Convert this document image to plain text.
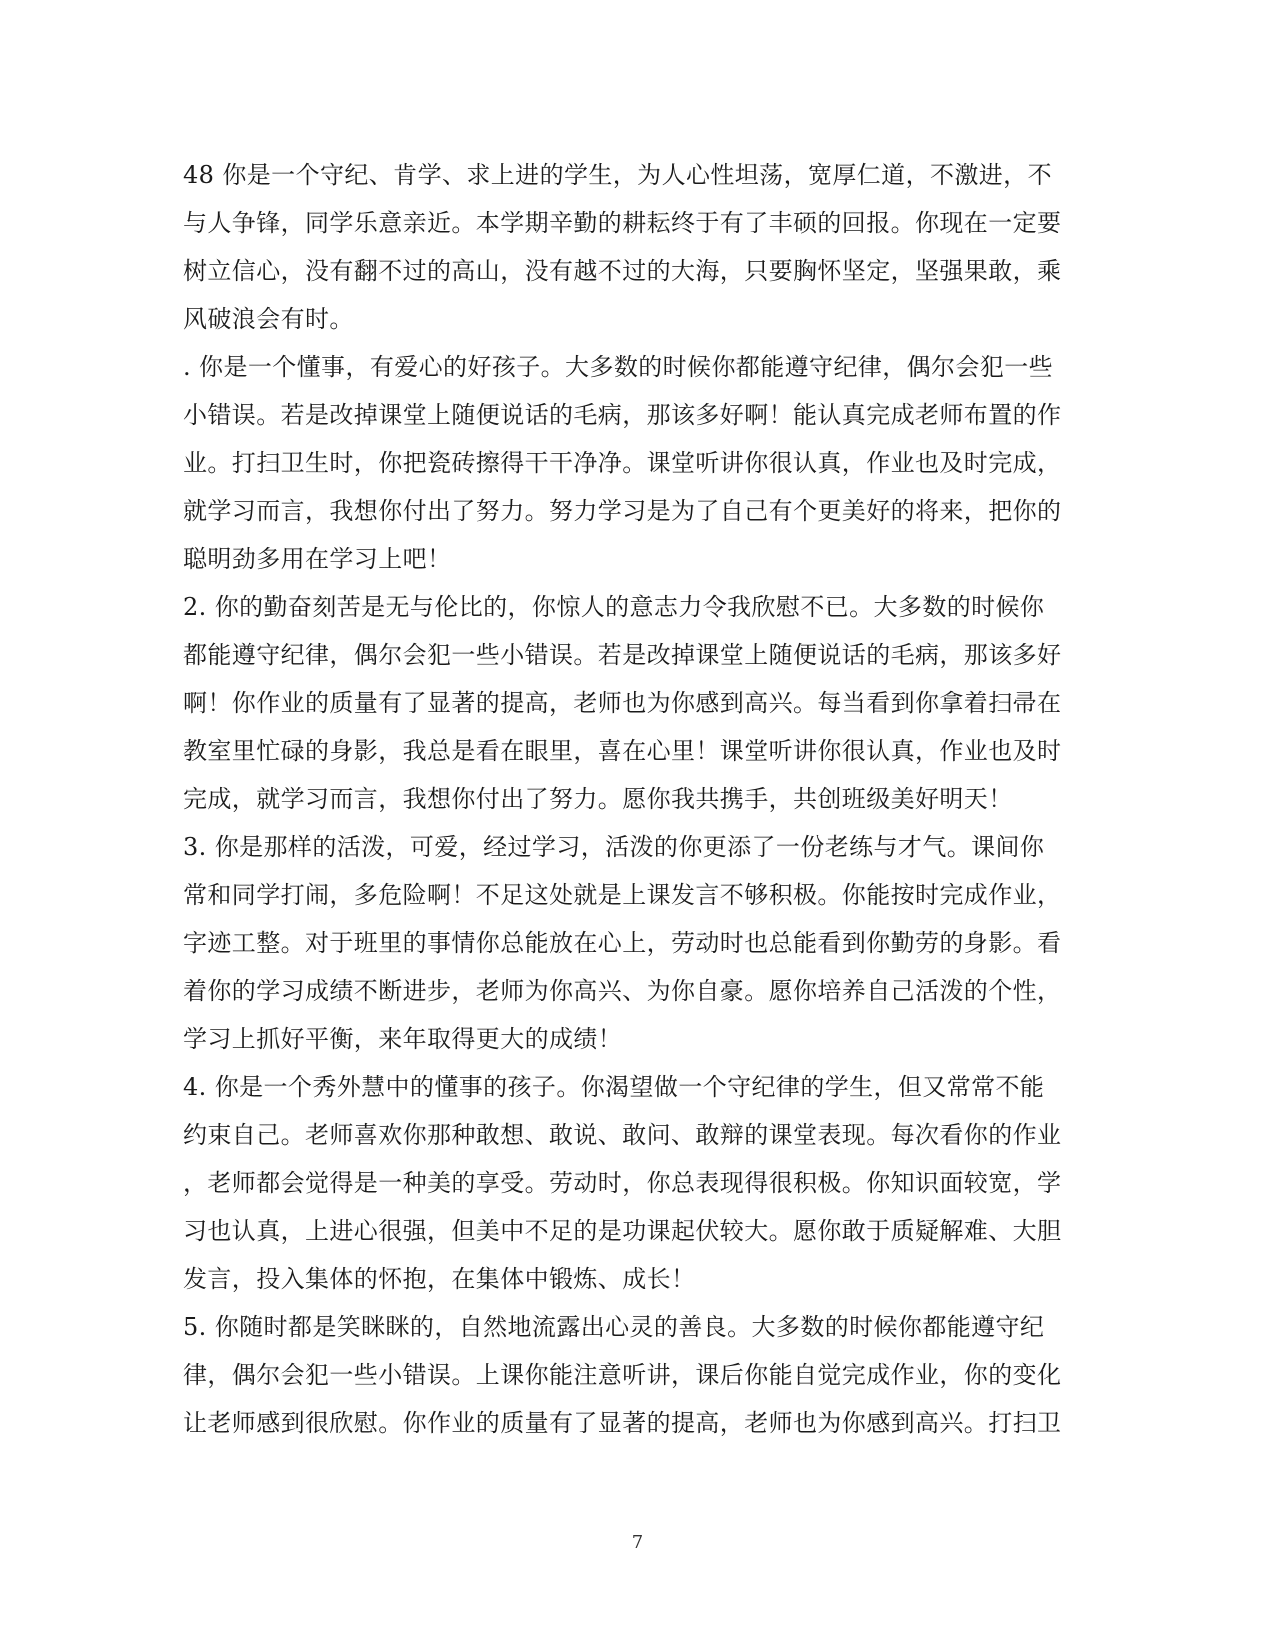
48 你是一个守纪、肯学、求上进的学生，为人心性坦荡，宽厚仁道，不激进，不
与人争锋，同学乐意亲近。本学期辛勤的耕耘终于有了丰硕的回报。你现在一定要
树立信心，没有翻不过的高山，没有越不过的大海，只要胸怀坚定，坚强果敢，乘
风破浪会有时。
. 你是一个懂事，有爱心的好孩子。大多数的时候你都能遵守纪律，偶尔会犯一些
小错误。若是改掉课堂上随便说话的毛病，那该多好啊！能认真完成老师布置的作
业。打扫卫生时，你把瓷砖擦得干干净净。课堂听讲你很认真，作业也及时完成，
就学习而言，我想你付出了努力。努力学习是为了自己有个更美好的将来，把你的
聪明劲多用在学习上吧！
2. 你的勤奋刻苦是无与伦比的，你惊人的意志力令我欣慰不已。大多数的时候你
都能遵守纪律，偶尔会犯一些小错误。若是改掉课堂上随便说话的毛病，那该多好
啊！你作业的质量有了显著的提高，老师也为你感到高兴。每当看到你拿着扫帚在
教室里忙碌的身影，我总是看在眼里，喜在心里！课堂听讲你很认真，作业也及时
完成，就学习而言，我想你付出了努力。愿你我共携手，共创班级美好明天！
3. 你是那样的活泼，可爱，经过学习，活泼的你更添了一份老练与才气。课间你
常和同学打闹，多危险啊！不足这处就是上课发言不够积极。你能按时完成作业，
字迹工整。对于班里的事情你总能放在心上，劳动时也总能看到你勤劳的身影。看
着你的学习成绩不断进步，老师为你高兴、为你自豪。愿你培养自己活泼的个性，
学习上抓好平衡，来年取得更大的成绩！
4. 你是一个秀外慧中的懂事的孩子。你渴望做一个守纪律的学生，但又常常不能
约束自己。老师喜欢你那种敢想、敢说、敢问、敢辩的课堂表现。每次看你的作业
，老师都会觉得是一种美的享受。劳动时，你总表现得很积极。你知识面较宽，学
习也认真，上进心很强，但美中不足的是功课起伏较大。愿你敢于质疑解难、大胆
发言，投入集体的怀抱，在集体中锻炼、成长！
5. 你随时都是笑眯眯的，自然地流露出心灵的善良。大多数的时候你都能遵守纪
律，偶尔会犯一些小错误。上课你能注意听讲，课后你能自觉完成作业，你的变化
让老师感到很欣慰。你作业的质量有了显著的提高，老师也为你感到高兴。打扫卫
7
